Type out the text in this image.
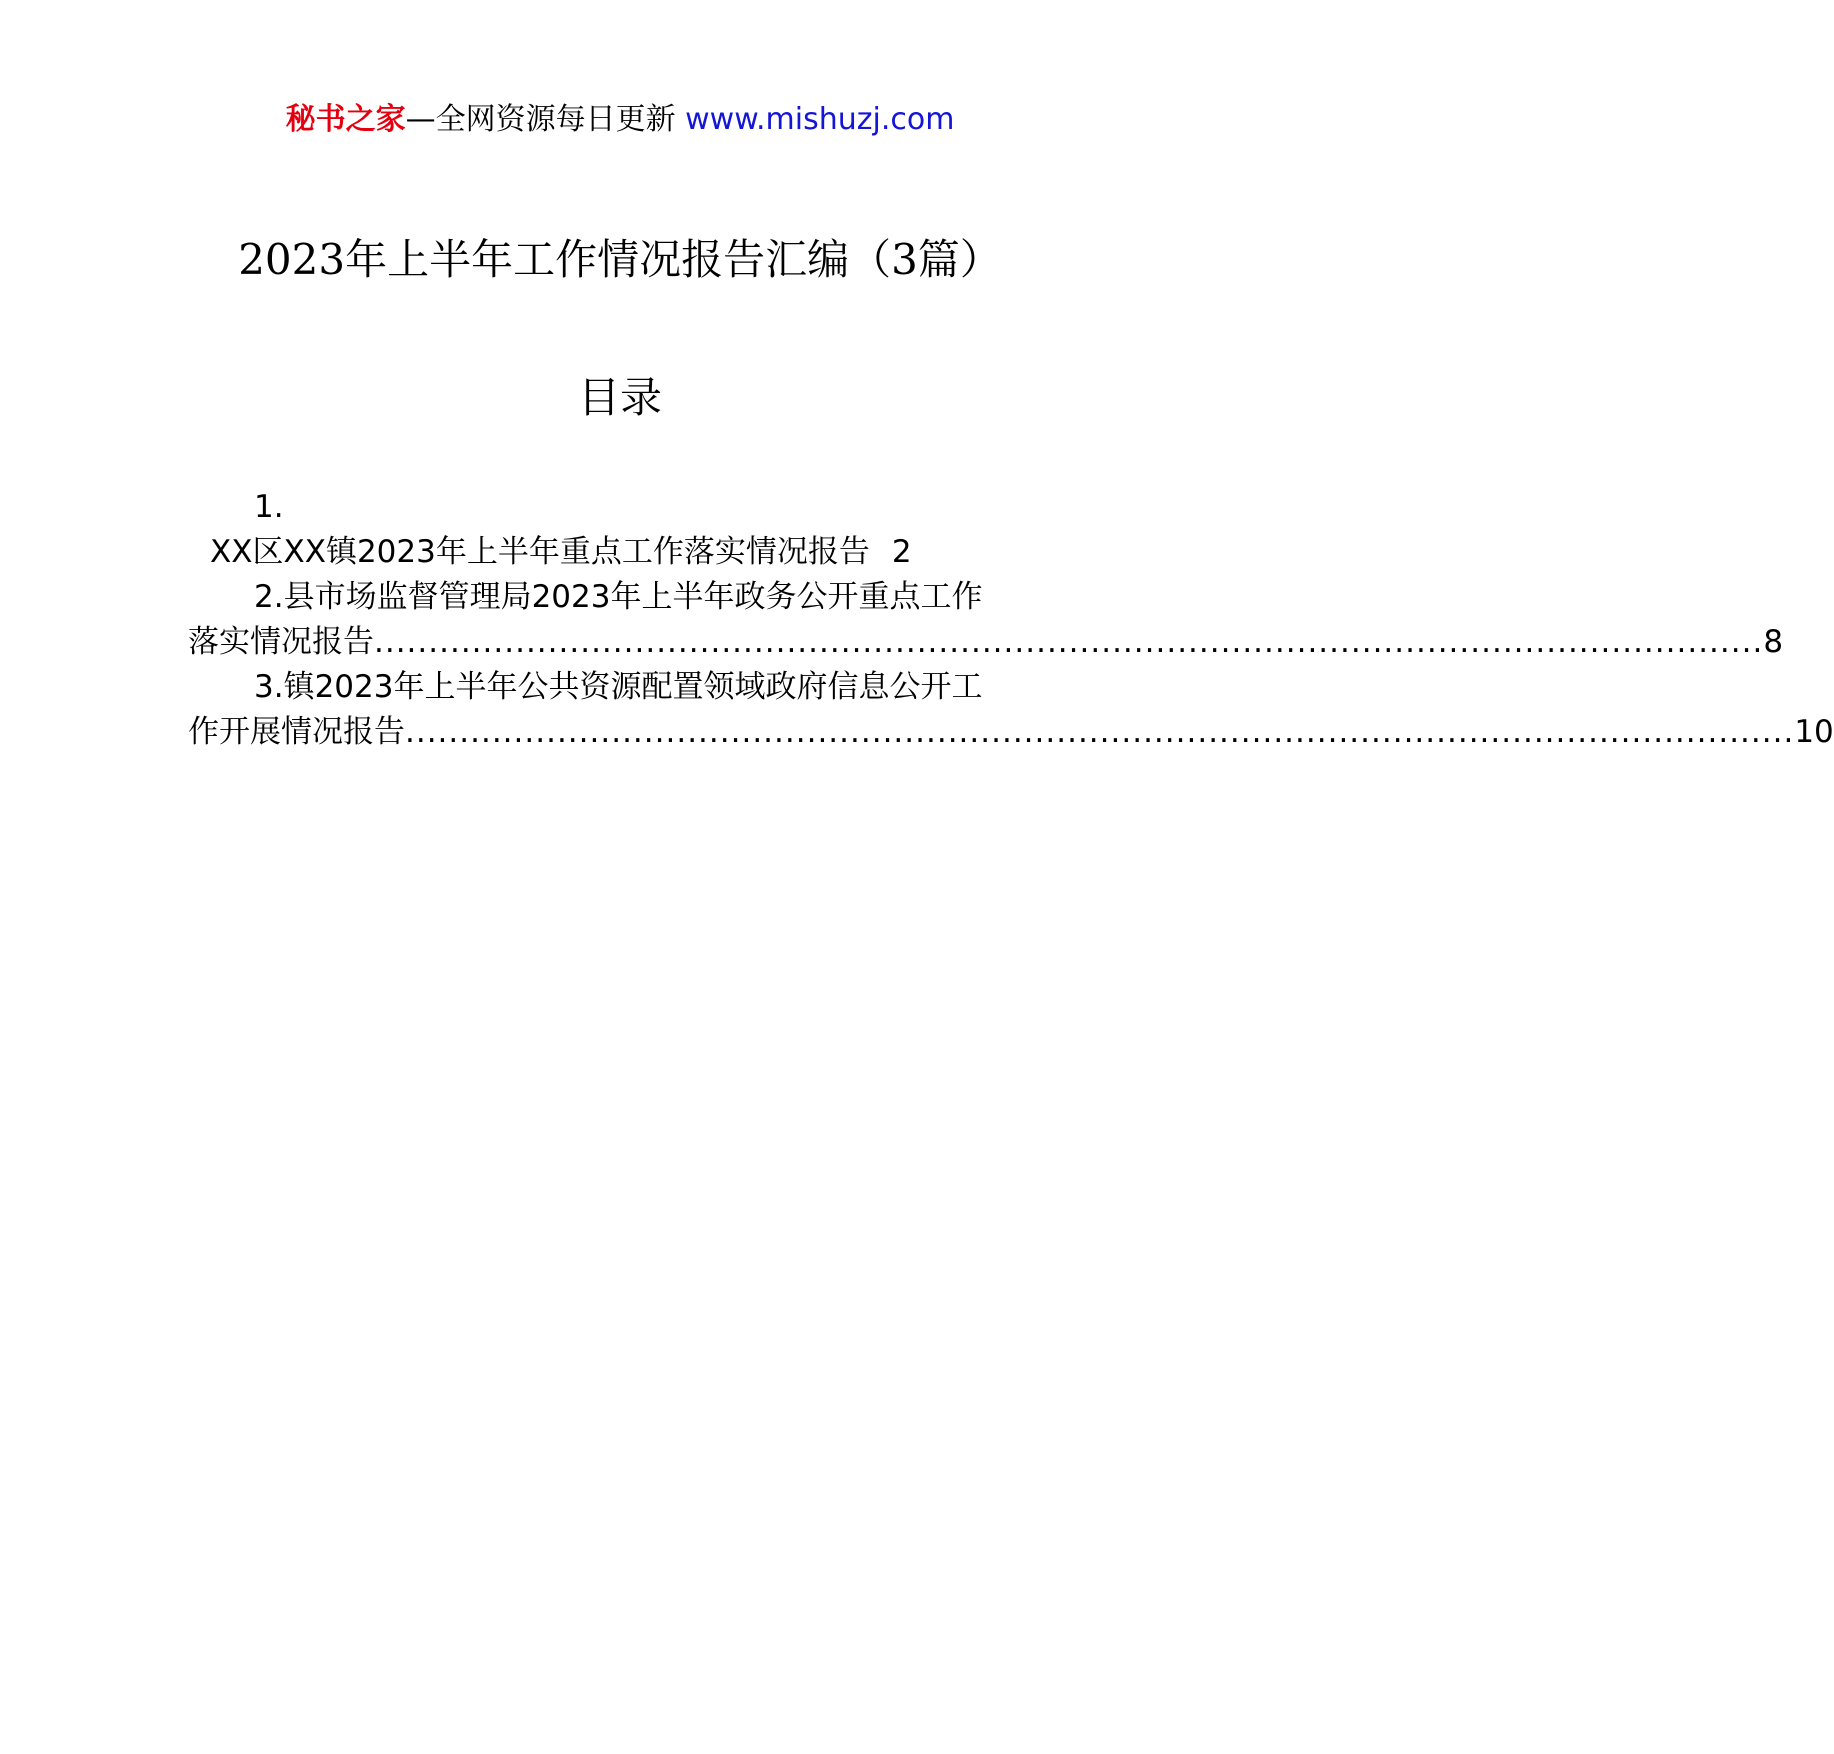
秘书之家—全网资源每日更新 www.mishuzj.com
2023年上半年工作情况报告汇编（3篇）
目录
1.
XX区XX镇2023年上半年重点工作落实情况报告 2
2.县市场监督管理局2023年上半年政务公开重点工作
落实情况报告 ................................................................................................................................ 8
3.镇2023年上半年公共资源配置领域政府信息公开工
作开展情况报告 ................................................................................................................................ 10
